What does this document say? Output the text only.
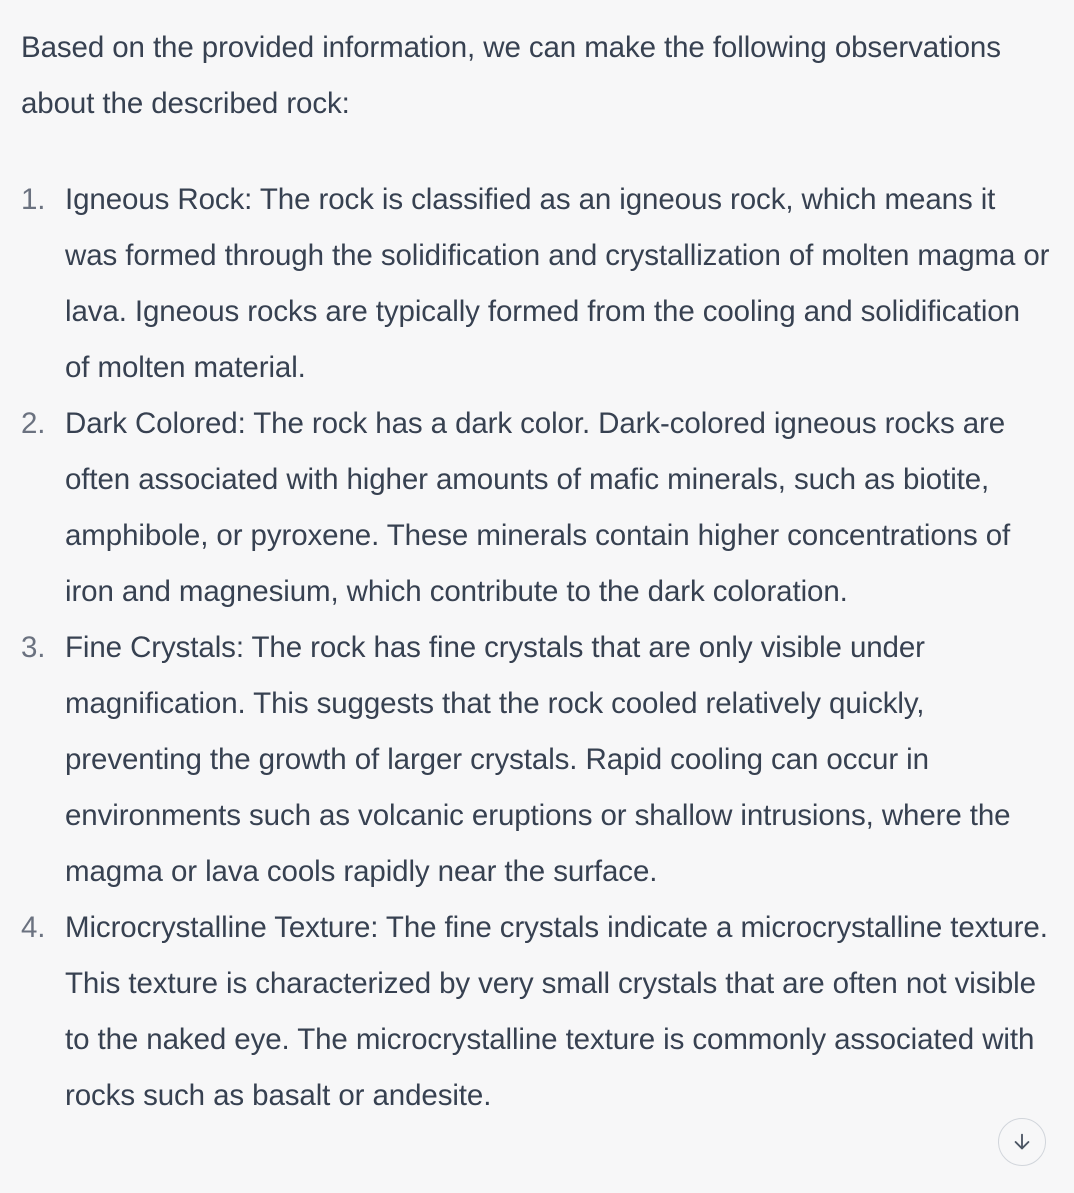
Based on the provided information, we can make the following observations about the described rock:

1. Igneous Rock: The rock is classified as an igneous rock, which means it was formed through the solidification and crystallization of molten magma or lava. Igneous rocks are typically formed from the cooling and solidification of molten material.
2. Dark Colored: The rock has a dark color. Dark-colored igneous rocks are often associated with higher amounts of mafic minerals, such as biotite, amphibole, or pyroxene. These minerals contain higher concentrations of iron and magnesium, which contribute to the dark coloration.
3. Fine Crystals: The rock has fine crystals that are only visible under magnification. This suggests that the rock cooled relatively quickly, preventing the growth of larger crystals. Rapid cooling can occur in environments such as volcanic eruptions or shallow intrusions, where the magma or lava cools rapidly near the surface.
4. Microcrystalline Texture: The fine crystals indicate a microcrystalline texture. This texture is characterized by very small crystals that are often not visible to the naked eye. The microcrystalline texture is commonly associated with rocks such as basalt or andesite.
